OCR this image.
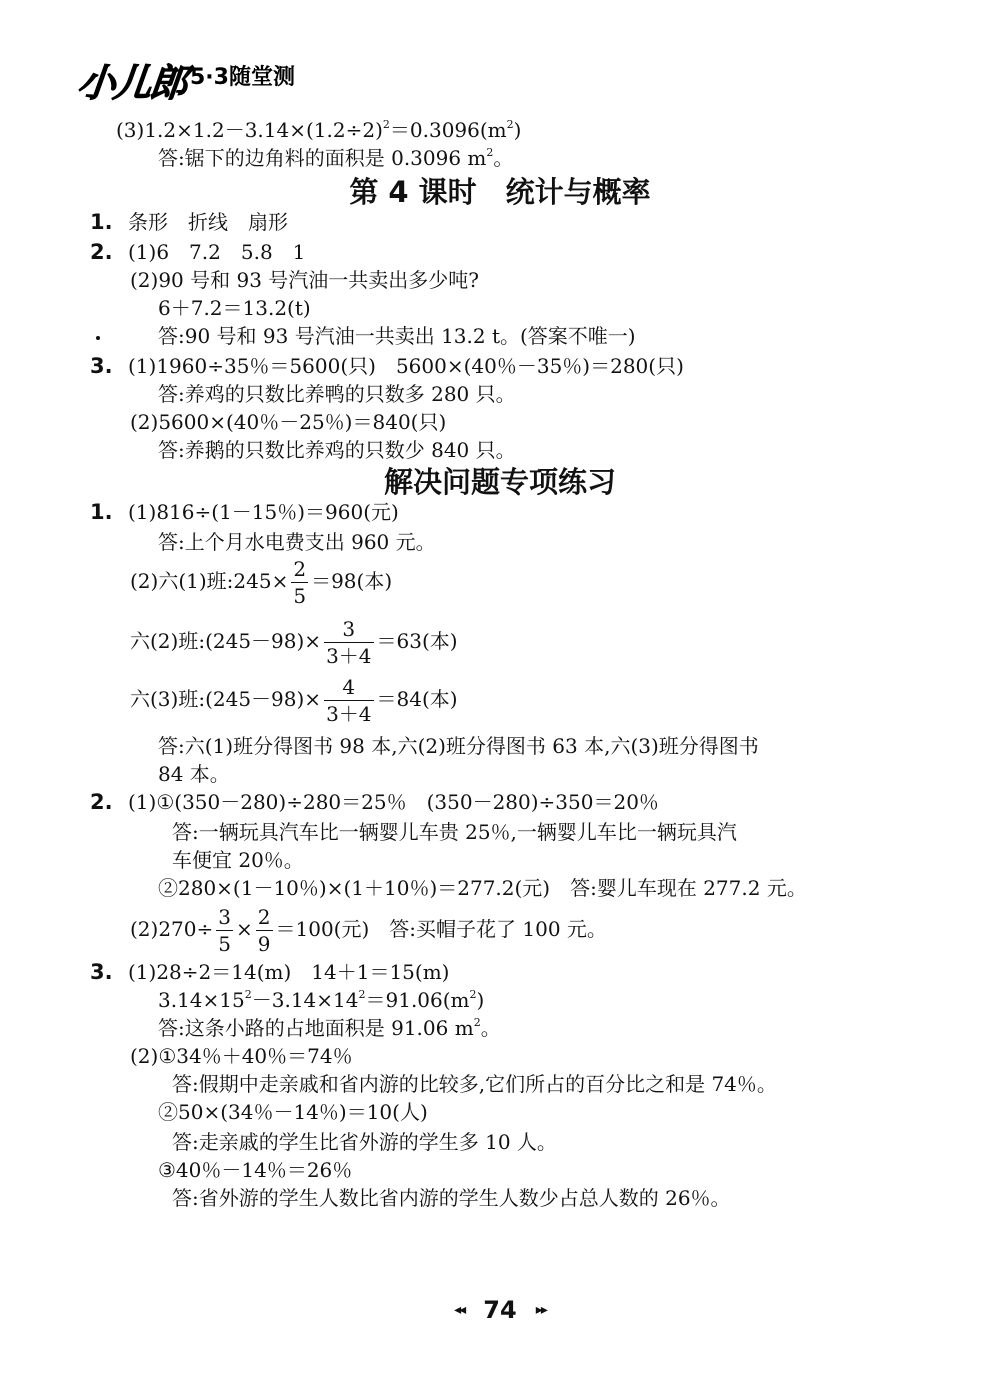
小儿郎 5·3随堂测
$(3)1.2\times 1.2-3.14\times(1.2\div 2)^2=0.3096(m^2)$
答:锯下的边角料的面积是 0.3096 $m^2$。
第 4 课时　统计与概率
1. 条形　折线　扇形
2. (1)6　7.2　5.8　1
(2)90 号和 93 号汽油一共卖出多少吨?
6＋7.2＝13.2(t)
答:90 号和 93 号汽油一共卖出 13.2 t。(答案不唯一)
3. (1)1960÷35％＝5600(只)　5600×(40％－35％)＝280(只)
答:养鸡的只数比养鸭的只数多 280 只。
(2)5600×(40％－25％)＝840(只)
答:养鹅的只数比养鸡的只数少 840 只。
解决问题专项练习
1. (1)816÷(1－15％)＝960(元)
答:上个月水电费支出 960 元。
(2)六(1)班:245× $\frac{2}{5} =98$(本)
六(2)班:(245－98)× $\frac{3}{3+4} =63$(本)
六(3)班:(245－98)× $\frac{4}{3+4} =84$(本)
答:六(1)班分得图书 98 本,六(2)班分得图书 63 本,六(3)班分得图书
84 本。
2. (1)①(350－280)÷280＝25％　(350－280)÷350＝20％
答:一辆玩具汽车比一辆婴儿车贵 25％,一辆婴儿车比一辆玩具汽
车便宜 20％。
②280×(1－10％)×(1＋10％)＝277.2(元)　答:婴儿车现在 277.2 元。
$(2)270\div \frac{3}{5} \times \frac{2}{9} =100$(元)　答:买帽子花了 100 元。
3. (1)28÷2＝14(m)　14＋1＝15(m)
$3.14\times 15^2-3.14\times 14^2=91.06(m^2)$
答:这条小路的占地面积是 91.06 $m^2$。
(2)①34％＋40％＝74％
答:假期中走亲戚和省内游的比较多,它们所占的百分比之和是 74％。
②50×(34％－14％)＝10(人)
答:走亲戚的学生比省外游的学生多 10 人。
③40％－14％＝26％
答:省外游的学生人数比省内游的学生人数少占总人数的 26％。
◂◂ 74 ▸▸
